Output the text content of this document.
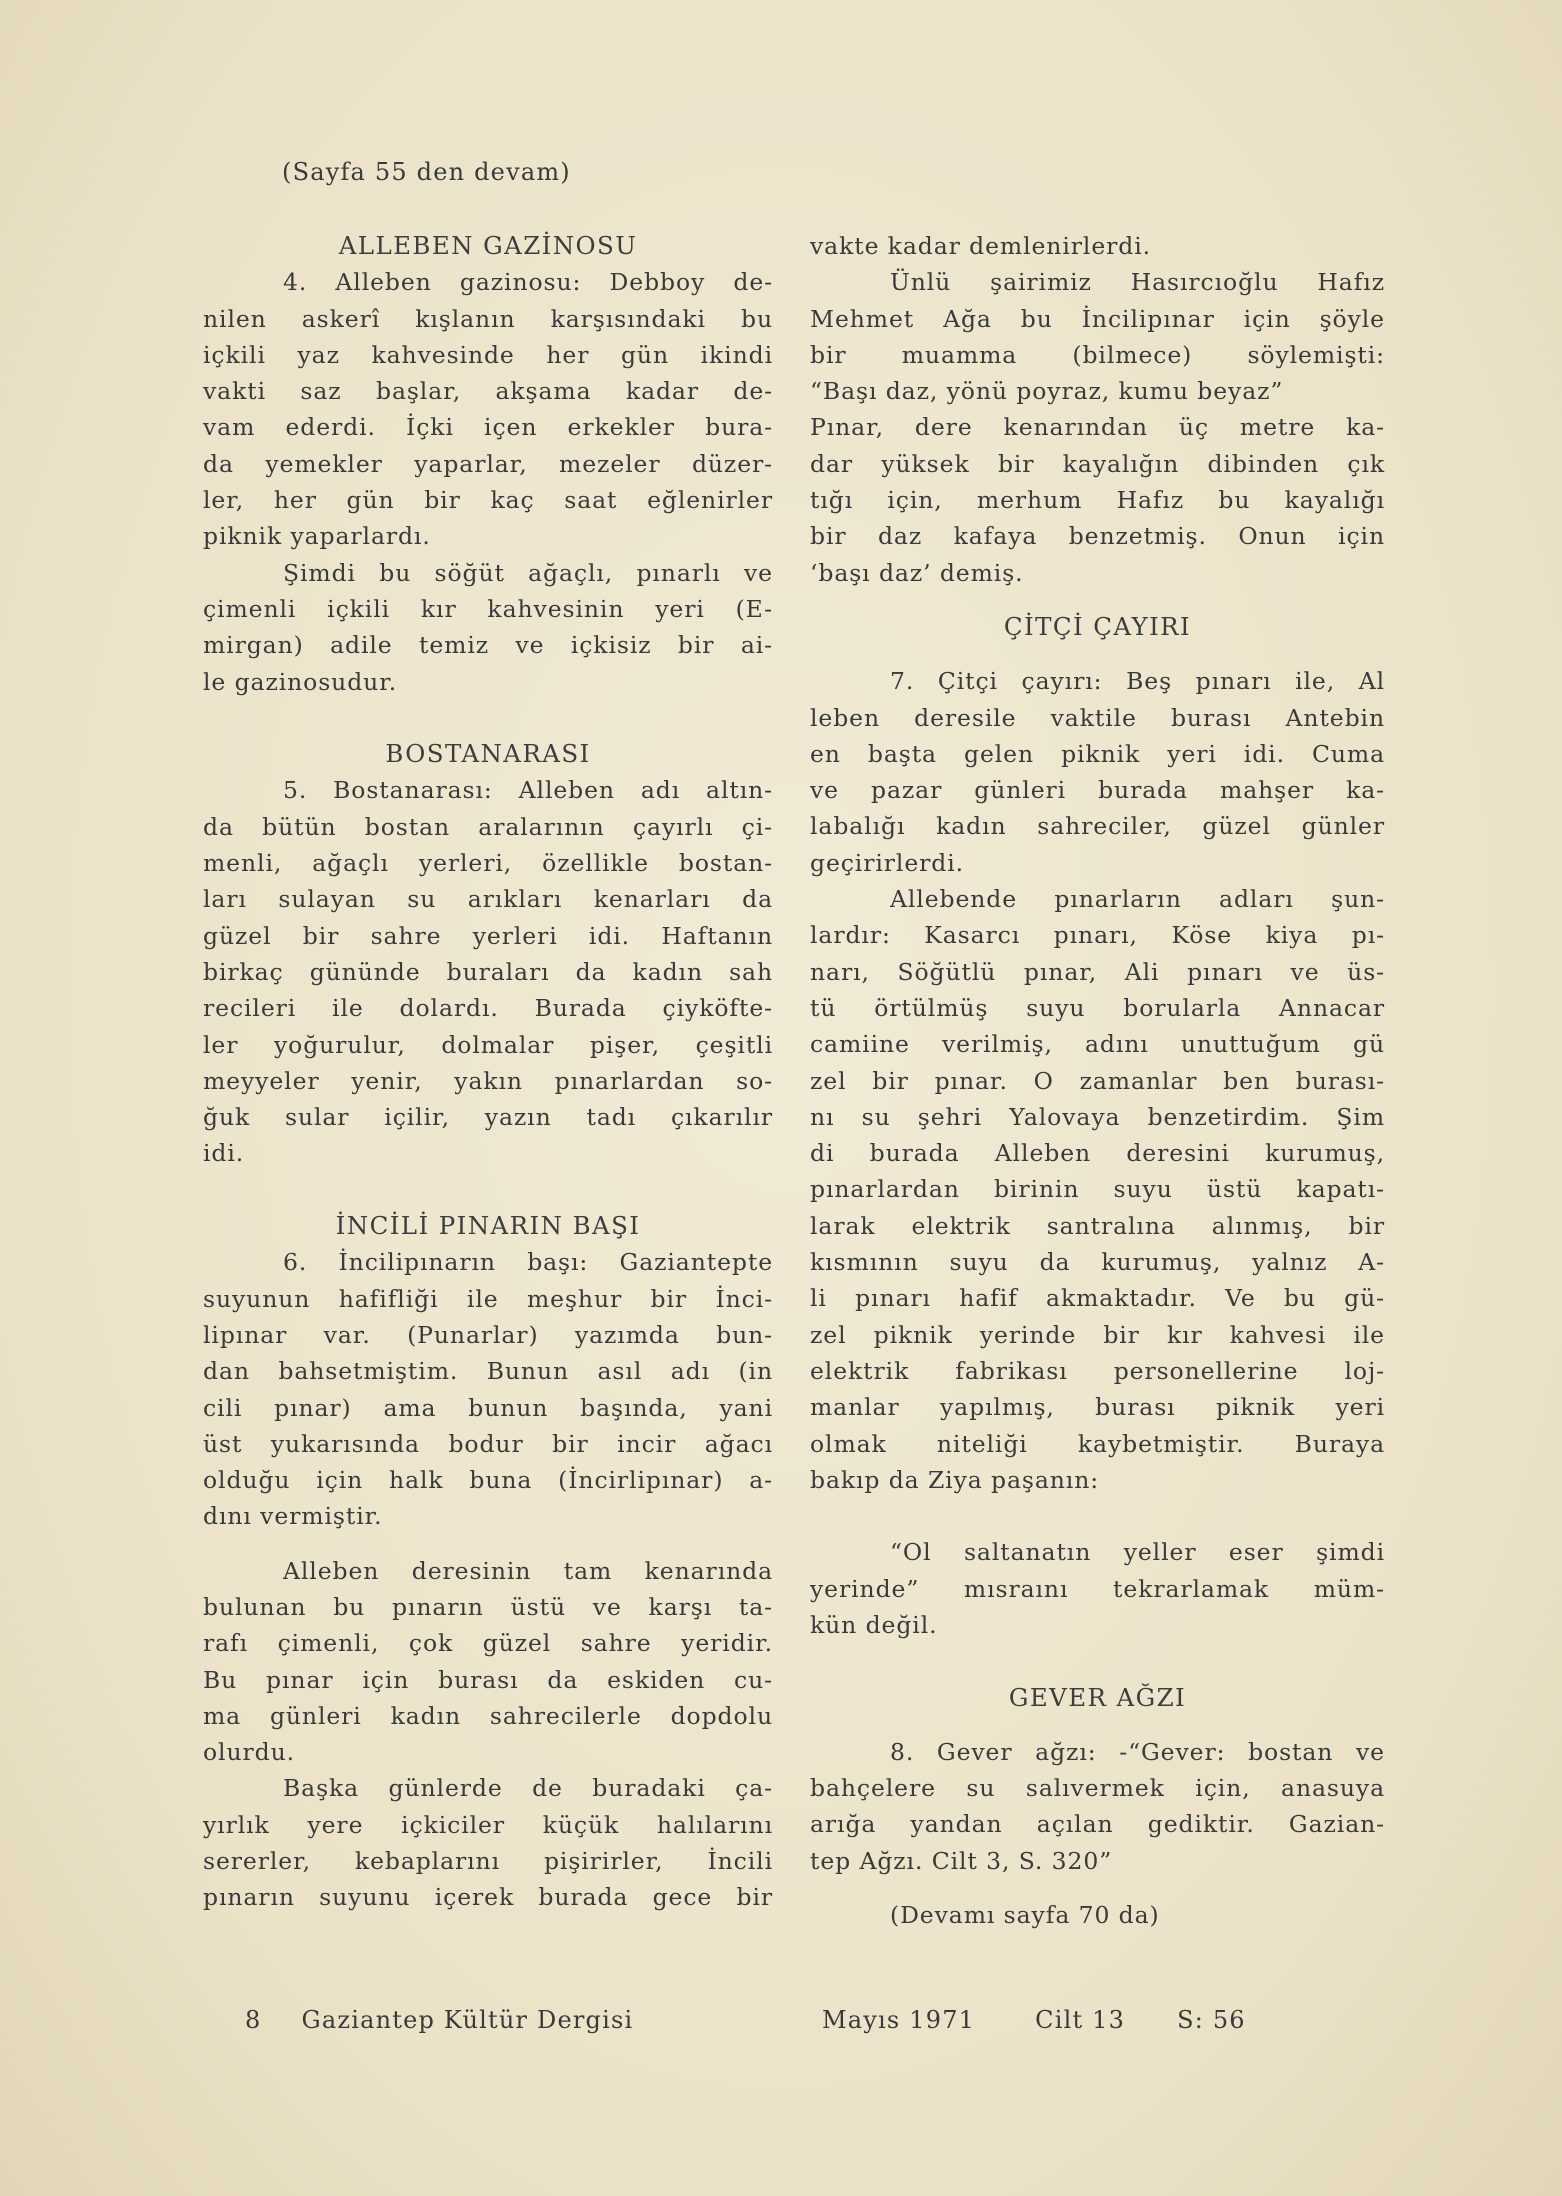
(Sayfa 55 den devam)
ALLEBEN GAZİNOSU
4. Alleben gazinosu: Debboy de-
nilen askerî kışlanın karşısındaki bu
içkili yaz kahvesinde her gün ikindi
vakti saz başlar, akşama kadar de-
vam ederdi. İçki içen erkekler bura-
da yemekler yaparlar, mezeler düzer-
ler, her gün bir kaç saat eğlenirler
piknik yaparlardı.
Şimdi bu söğüt ağaçlı, pınarlı ve
çimenli içkili kır kahvesinin yeri (E-
mirgan) adile temiz ve içkisiz bir ai-
le gazinosudur.
BOSTANARASI
5. Bostanarası: Alleben adı altın-
da bütün bostan aralarının çayırlı çi-
menli, ağaçlı yerleri, özellikle bostan-
ları sulayan su arıkları kenarları da
güzel bir sahre yerleri idi. Haftanın
birkaç gününde buraları da kadın sah
recileri ile dolardı. Burada çiyköfte-
ler yoğurulur, dolmalar pişer, çeşitli
meyyeler yenir, yakın pınarlardan so-
ğuk sular içilir, yazın tadı çıkarılır
idi.
İNCİLİ PINARIN BAŞI
6. İncilipınarın başı: Gaziantepte
suyunun hafifliği ile meşhur bir İnci-
lipınar var. (Punarlar) yazımda bun-
dan bahsetmiştim. Bunun asıl adı (in
cili pınar) ama bunun başında, yani
üst yukarısında bodur bir incir ağacı
olduğu için halk buna (İncirlipınar) a-
dını vermiştir.
Alleben deresinin tam kenarında
bulunan bu pınarın üstü ve karşı ta-
rafı çimenli, çok güzel sahre yeridir.
Bu pınar için burası da eskiden cu-
ma günleri kadın sahrecilerle dopdolu
olurdu.
Başka günlerde de buradaki ça-
yırlık yere içkiciler küçük halılarını
sererler, kebaplarını pişirirler, İncili
pınarın suyunu içerek burada gece bir
vakte kadar demlenirlerdi.
Ünlü şairimiz Hasırcıoğlu Hafız
Mehmet Ağa bu İncilipınar için şöyle
bir muamma (bilmece) söylemişti:
“Başı daz, yönü poyraz, kumu beyaz”
Pınar, dere kenarından üç metre ka-
dar yüksek bir kayalığın dibinden çık
tığı için, merhum Hafız bu kayalığı
bir daz kafaya benzetmiş. Onun için
‘başı daz’ demiş.
ÇİTÇİ ÇAYIRI
7. Çitçi çayırı: Beş pınarı ile, Al
leben deresile vaktile burası Antebin
en başta gelen piknik yeri idi. Cuma
ve pazar günleri burada mahşer ka-
labalığı kadın sahreciler, güzel günler
geçirirlerdi.
Allebende pınarların adları şun-
lardır: Kasarcı pınarı, Köse kiya pı-
narı, Söğütlü pınar, Ali pınarı ve üs-
tü örtülmüş suyu borularla Annacar
camiine verilmiş, adını unuttuğum gü
zel bir pınar. O zamanlar ben burası-
nı su şehri Yalovaya benzetirdim. Şim
di burada Alleben deresini kurumuş,
pınarlardan birinin suyu üstü kapatı-
larak elektrik santralına alınmış, bir
kısmının suyu da kurumuş, yalnız A-
li pınarı hafif akmaktadır. Ve bu gü-
zel piknik yerinde bir kır kahvesi ile
elektrik fabrikası personellerine loj-
manlar yapılmış, burası piknik yeri
olmak niteliği kaybetmiştir. Buraya
bakıp da Ziya paşanın:
“Ol saltanatın yeller eser şimdi
yerinde” mısraını tekrarlamak müm-
kün değil.
GEVER AĞZI
8. Gever ağzı: -“Gever: bostan ve
bahçelere su salıvermek için, anasuya
arığa yandan açılan gediktir. Gazian-
tep Ağzı. Cilt 3, S. 320”
(Devamı sayfa 70 da)
8 Gaziantep Kültür Dergisi	Mayıs 1971	Cilt 13 S: 56
